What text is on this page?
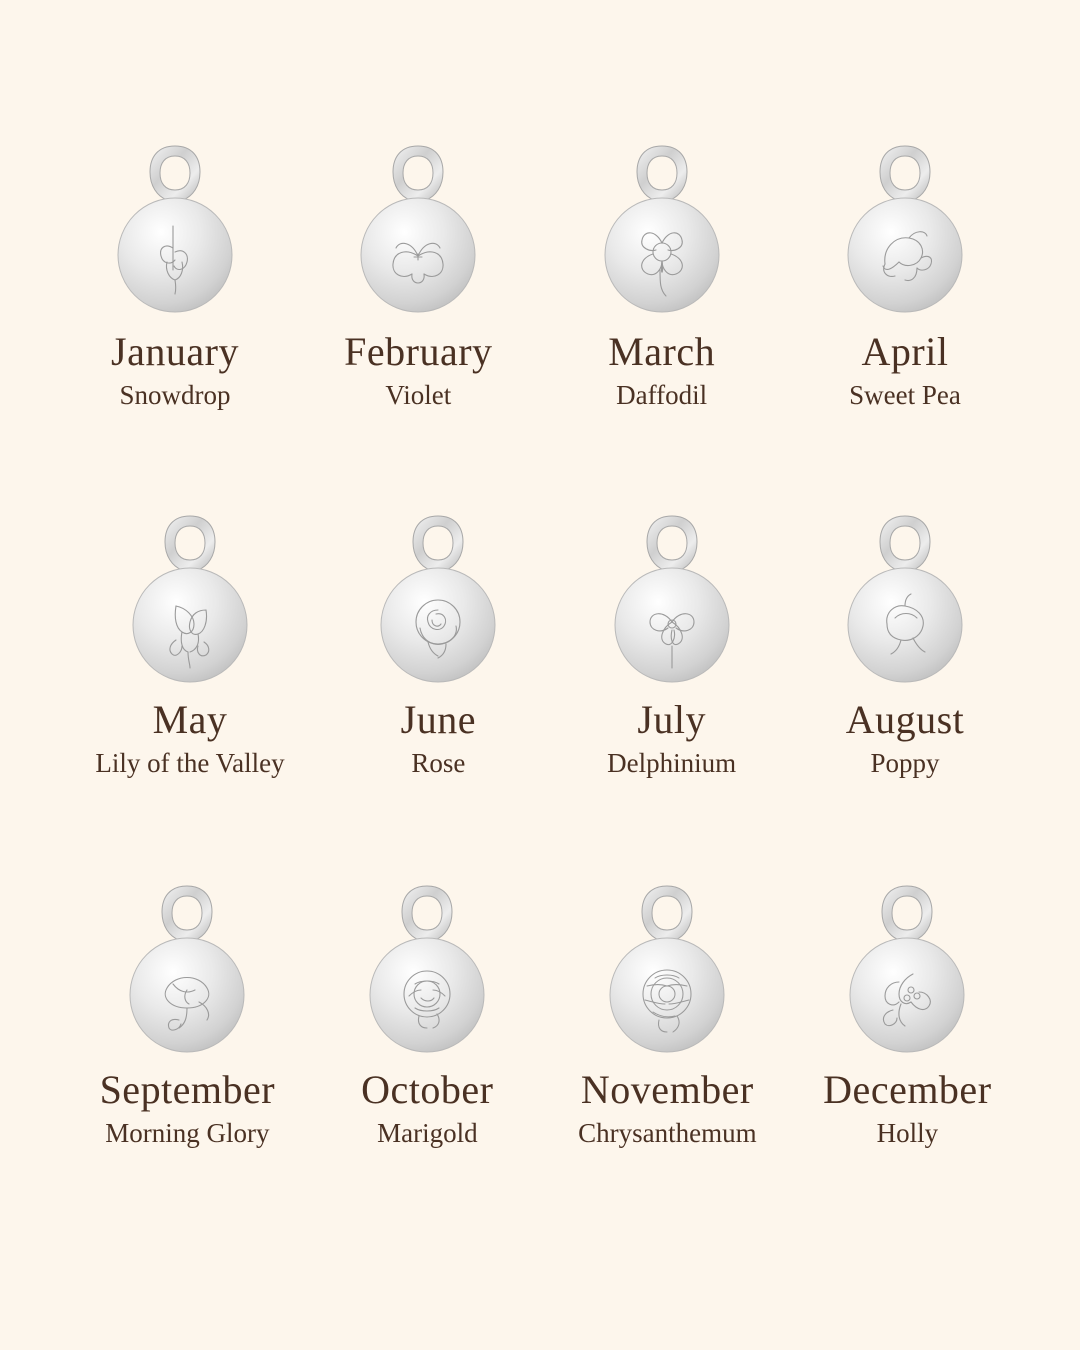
January
Snowdrop
February
Violet
March
Daffodil
April
Sweet Pea
May
Lily of the Valley
June
Rose
July
Delphinium
August
Poppy
September
Morning Glory
October
Marigold
November
Chrysanthemum
December
Holly
